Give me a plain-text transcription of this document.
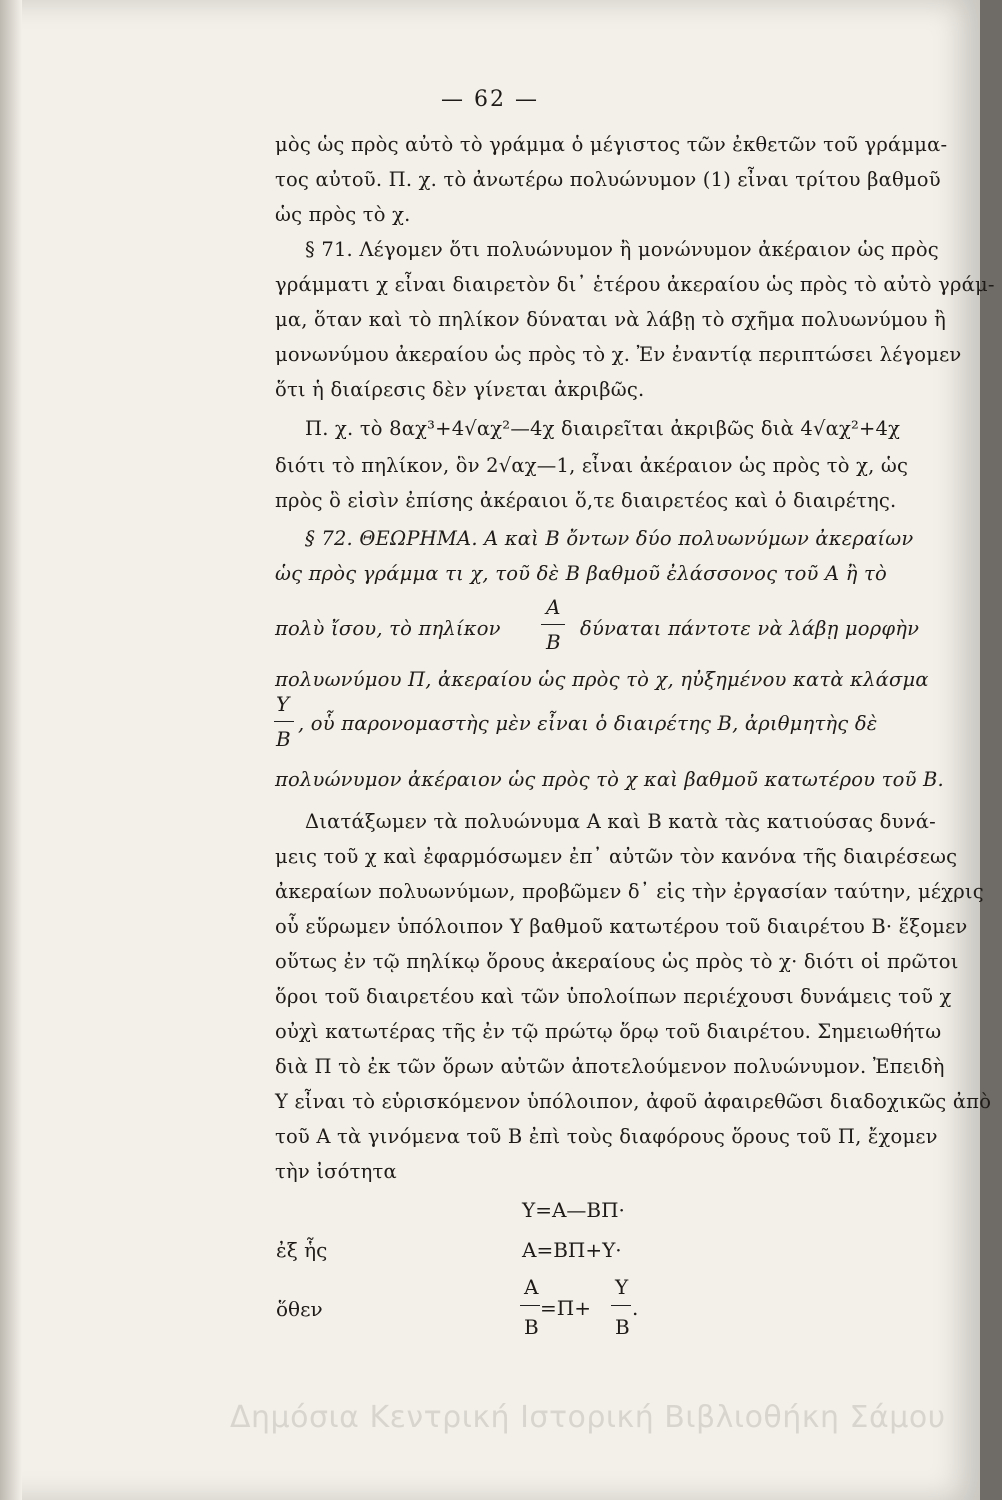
— 62 —
μὸς ὡς πρὸς αὐτὸ τὸ γράμμα ὁ μέγιστος τῶν ἐκθετῶν τοῦ γράμμα-
τος αὐτοῦ. Π. χ. τὸ ἀνωτέρω πολυώνυμον (1) εἶναι τρίτου βαθμοῦ
ὡς πρὸς τὸ χ.
§ 71. Λέγομεν ὅτι πολυώνυμον ἢ μονώνυμον ἀκέραιον ὡς πρὸς
γράμματι χ εἶναι διαιρετὸν δι᾽ ἑτέρου ἀκεραίου ὡς πρὸς τὸ αὐτὸ γράμ-
μα, ὅταν καὶ τὸ πηλίκον δύναται νὰ λάβῃ τὸ σχῆμα πολυωνύμου ἢ
μονωνύμου ἀκεραίου ὡς πρὸς τὸ χ. Ἐν ἐναντίᾳ περιπτώσει λέγομεν
ὅτι ἡ διαίρεσις δὲν γίνεται ἀκριβῶς.
Π. χ. τὸ 8αχ³+4√αχ²—4χ διαιρεῖται ἀκριβῶς διὰ 4√αχ²+4χ
διότι τὸ πηλίκον, ὃν 2√αχ—1, εἶναι ἀκέραιον ὡς πρὸς τὸ χ, ὡς
πρὸς ὃ εἰσὶν ἐπίσης ἀκέραιοι ὅ,τε διαιρετέος καὶ ὁ διαιρέτης.
§ 72. ΘΕΩΡΗΜΑ. Α καὶ Β ὄντων δύο πολυωνύμων ἀκεραίων
ὡς πρὸς γράμμα τι χ, τοῦ δὲ Β βαθμοῦ ἐλάσσονος τοῦ Α ἢ τὸ
πολὺ ἴσου, τὸ πηλίκον
Α
Β
δύναται πάντοτε νὰ λάβῃ μορφὴν
πολυωνύμου Π, ἀκεραίου ὡς πρὸς τὸ χ, ηὐξημένου κατὰ κλάσμα
Υ
Β
, οὗ παρονομαστὴς μὲν εἶναι ὁ διαιρέτης Β, ἀριθμητὴς δὲ
πολυώνυμον ἀκέραιον ὡς πρὸς τὸ χ καὶ βαθμοῦ κατωτέρου τοῦ Β.
Διατάξωμεν τὰ πολυώνυμα Α καὶ Β κατὰ τὰς κατιούσας δυνά-
μεις τοῦ χ καὶ ἐφαρμόσωμεν ἐπ᾽ αὐτῶν τὸν κανόνα τῆς διαιρέσεως
ἀκεραίων πολυωνύμων, προβῶμεν δ᾽ εἰς τὴν ἐργασίαν ταύτην, μέχρις
οὗ εὕρωμεν ὑπόλοιπον Υ βαθμοῦ κατωτέρου τοῦ διαιρέτου Β· ἕξομεν
οὕτως ἐν τῷ πηλίκῳ ὅρους ἀκεραίους ὡς πρὸς τὸ χ· διότι οἱ πρῶτοι
ὅροι τοῦ διαιρετέου καὶ τῶν ὑπολοίπων περιέχουσι δυνάμεις τοῦ χ
οὐχὶ κατωτέρας τῆς ἐν τῷ πρώτῳ ὅρῳ τοῦ διαιρέτου. Σημειωθήτω
διὰ Π τὸ ἐκ τῶν ὅρων αὐτῶν ἀποτελούμενον πολυώνυμον. Ἐπειδὴ
Υ εἶναι τὸ εὑρισκόμενον ὑπόλοιπον, ἀφοῦ ἀφαιρεθῶσι διαδοχικῶς ἀπὸ
τοῦ Α τὰ γινόμενα τοῦ Β ἐπὶ τοὺς διαφόρους ὅρους τοῦ Π, ἔχομεν
τὴν ἰσότητα
Υ=Α—ΒΠ·
ἐξ ἧς	Α=ΒΠ+Υ·
ὅθεν
Α
Β
=Π+
Υ
Β
.
Δημόσια Κεντρική Ιστορική Βιβλιοθήκη Σάμου
